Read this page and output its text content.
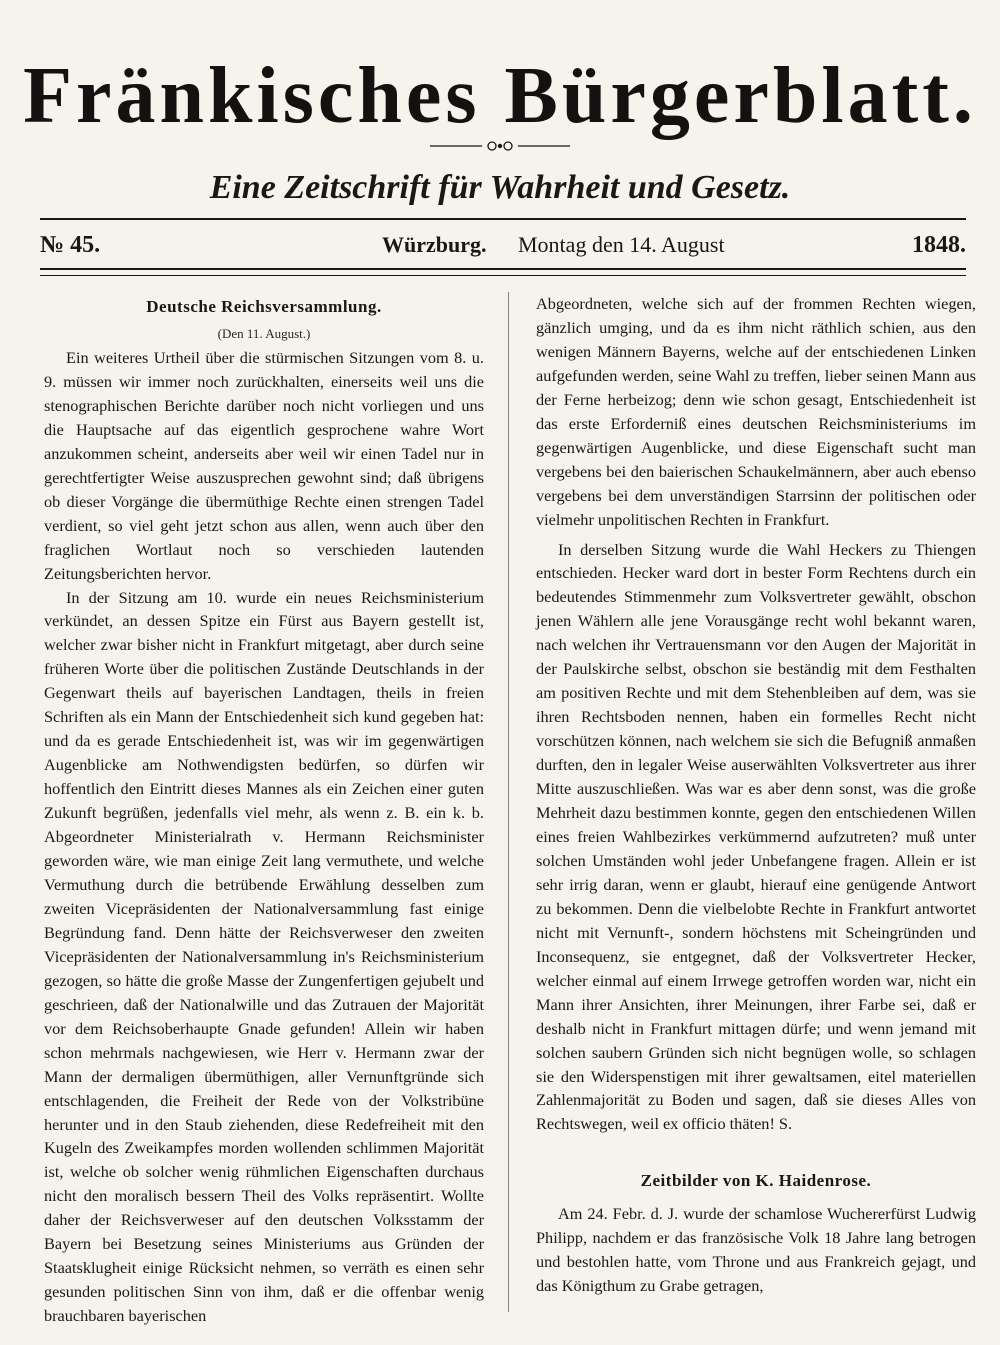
Fränkisches Bürgerblatt.
Eine Zeitschrift für Wahrheit und Gesetz.
№ 45.	Würzburg. Montag den 14. August	1848.
Deutsche Reichsversammlung.
(Den 11. August.)

Ein weiteres Urtheil über die stürmischen Sitzungen vom 8. u. 9. müssen wir immer noch zurückhalten, einerseits weil uns die stenographischen Berichte darüber noch nicht vorliegen und uns die Hauptsache auf das eigentlich gesprochene wahre Wort anzukommen scheint, anderseits aber weil wir einen Tadel nur in gerechtfertigter Weise auszusprechen gewohnt sind; daß übrigens ob dieser Vorgänge die übermüthige Rechte einen strengen Tadel verdient, so viel geht jetzt schon aus allen, wenn auch über den fraglichen Wortlaut noch so verschieden lautenden Zeitungsberichten hervor.

In der Sitzung am 10. wurde ein neues Reichsministerium verkündet, an dessen Spitze ein Fürst aus Bayern gestellt ist, welcher zwar bisher nicht in Frankfurt mitgetagt, aber durch seine früheren Worte über die politischen Zustände Deutschlands in der Gegenwart theils auf bayerischen Landtagen, theils in freien Schriften als ein Mann der Entschiedenheit sich kund gegeben hat: und da es gerade Entschiedenheit ist, was wir im gegenwärtigen Augenblicke am Nothwendigsten bedürfen, so dürfen wir hoffentlich den Eintritt dieses Mannes als ein Zeichen einer guten Zukunft begrüßen, jedenfalls viel mehr, als wenn z. B. ein k. b. Abgeordneter Ministerialrath v. Hermann Reichsminister geworden wäre, wie man einige Zeit lang vermuthete, und welche Vermuthung durch die betrübende Erwählung desselben zum zweiten Vicepräsidenten der Nationalversammlung fast einige Begründung fand. Denn hätte der Reichsverweser den zweiten Vicepräsidenten der Nationalversammlung in's Reichsministerium gezogen, so hätte die große Masse der Zungenfertigen gejubelt und geschrieen, daß der Nationalwille und das Zutrauen der Majorität vor dem Reichsoberhaupte Gnade gefunden! Allein wir haben schon mehrmals nachgewiesen, wie Herr v. Hermann zwar der Mann der dermaligen übermüthigen, aller Vernunftgründe sich entschlagenden, die Freiheit der Rede von der Volkstribüne herunter und in den Staub ziehenden, diese Redefreiheit mit den Kugeln des Zweikampfes morden wollenden schlimmen Majorität ist, welche ob solcher wenig rühmlichen Eigenschaften durchaus nicht den moralisch bessern Theil des Volks repräsentirt. Wollte daher der Reichsverweser auf den deutschen Volksstamm der Bayern bei Besetzung seines Ministeriums aus Gründen der Staatsklugheit einige Rücksicht nehmen, so verräth es einen sehr gesunden politischen Sinn von ihm, daß er die offenbar wenig brauchbaren bayerischen

Abgeordneten, welche sich auf der frommen Rechten wiegen, gänzlich umging, und da es ihm nicht räthlich schien, aus den wenigen Männern Bayerns, welche auf der entschiedenen Linken aufgefunden werden, seine Wahl zu treffen, lieber seinen Mann aus der Ferne herbeizog; denn wie schon gesagt, Entschiedenheit ist das erste Erforderniß eines deutschen Reichsministeriums im gegenwärtigen Augenblicke, und diese Eigenschaft sucht man vergebens bei den baierischen Schaukelmännern, aber auch ebenso vergebens bei dem unverständigen Starrsinn der politischen oder vielmehr unpolitischen Rechten in Frankfurt.

In derselben Sitzung wurde die Wahl Heckers zu Thiengen entschieden. Hecker ward dort in bester Form Rechtens durch ein bedeutendes Stimmenmehr zum Volksvertreter gewählt, obschon jenen Wählern alle jene Vorausgänge recht wohl bekannt waren, nach welchen ihr Vertrauensmann vor den Augen der Majorität in der Paulskirche selbst, obschon sie beständig mit dem Festhalten am positiven Rechte und mit dem Stehenbleiben auf dem, was sie ihren Rechtsboden nennen, haben ein formelles Recht nicht vorschützen können, nach welchem sie sich die Befugniß anmaßen durften, den in legaler Weise auserwählten Volksvertreter aus ihrer Mitte auszuschließen. Was war es aber denn sonst, was die große Mehrheit dazu bestimmen konnte, gegen den entschiedenen Willen eines freien Wahlbezirkes verkümmernd aufzutreten? muß unter solchen Umständen wohl jeder Unbefangene fragen. Allein er ist sehr irrig daran, wenn er glaubt, hierauf eine genügende Antwort zu bekommen. Denn die vielbelobte Rechte in Frankfurt antwortet nicht mit Vernunft-, sondern höchstens mit Scheingründen und Inconsequenz, sie entgegnet, daß der Volksvertreter Hecker, welcher einmal auf einem Irrwege getroffen worden war, nicht ein Mann ihrer Ansichten, ihrer Meinungen, ihrer Farbe sei, daß er deshalb nicht in Frankfurt mittagen dürfe; und wenn jemand mit solchen saubern Gründen sich nicht begnügen wolle, so schlagen sie den Widerspenstigen mit ihrer gewaltsamen, eitel materiellen Zahlenmajorität zu Boden und sagen, daß sie dieses Alles von Rechtswegen, weil ex officio thäten! S.

Zeitbilder von K. Haidenrose.

Am 24. Febr. d. J. wurde der schamlose Wuchererfürst Ludwig Philipp, nachdem er das französische Volk 18 Jahre lang betrogen und bestohlen hatte, vom Throne und aus Frankreich gejagt, und das Königthum zu Grabe getragen,
